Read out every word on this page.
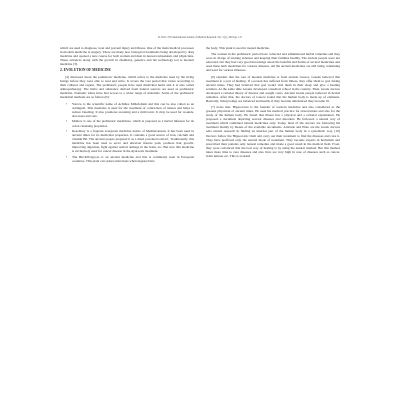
R. Devi / EU International Journal of Medical Research, Vol. 3 (1), 2019 pp. 1-8

which are used to diagnose, treat and prevent injury and illness. One of the main medical processes in modern medicine is surgery. There are many new biological treatments being developed by drug medicine and opened a new course for both women and men in nurses/companions and physicians. These advances along with the growth in chemistry, genetics and lab technology led to modern medicine [3].

2. EVOLUTION OF MEDICINE

[4] discussed about the prehistoric medicine, which refers to the medicine used by the living beings before they were able to read and write. It covers the vast period that varies according to their cultures and region. The prehistoric people have used medicinal herbs and it is also called arthropotherapy. The herbs and substance derived from natural sources are used as prehistoric medicine. Nomadic tribes have had access to a wider range of materials. Some of the prehistoric medicinal methods are as follows[5]:

• Yarrow is the scientific name of Achillea Millefolium and this can be also called as an astringent. This medicine is used for the treatment of contraction of tissues and helps to reduce bleeding. It also promotes sweating and a mild tonic. It may be used for wounds, abscesses and cuts.
• Mallow is one of the prehistoric medicines, which is prepared as a herbal infusion for its colon cleansing properties.
• Rosemary is a fragrant evergreen medicine native of Mediterranean. It has been used in ancient times for its medicinal properties. It contains a good source of iron, calcium and vitamin B6. The ancient people prepared it as a dried powdered extract. Traditionally, this medicine has been used to serve and alleviate muscle pain, promote hair growth, improving digestion, fight against radical damage in the brain, etc. But now this medicine is exclusively used for cancer disease in the Ayurveda treatment.
• The Birch/Polypore is an ancient medicine and this is commonly seen in European countries. This plant can reduce infections when ingested into

the body. This plant is used in treated medicine.

The women in the prehistoric period have collected and administered herbal remedies and they were in charge of treating sickness and keeping their families healthy. The ancient people were not educated, but they had very good knowledge about the benefits and harms of several medicines and used these herb medicines for various diseases. All the ancient medicines are still being continuing and used for various illnesses.

[6] explains that the root of modern medicine is from ancient Greece. Greeks believed that treatment is a part of healing. If a person has suffered from illness, they offer them to god during ancient times. They had believed that god would visit them in their sleep and give a healing solution. At the same time Greeks developed a medical school in the country. Then, Greek doctors developed a rational theory of disease and sought cures. Ancient Greek people believed in herbal remedies. After that, the doctors of Greece found that the human body is made up of elements. Basically, living beings are balanced and health, if they become unbalanced they become ill.

[7] notes that, Hippocrates is the founder of western medicine and also considered as the greatest physician of ancient times. He used his medical practice for observations and also for the study of the human body. He found that illness has a physical and a rational explanation. He proposed a document depicting several diseases and disorders. He followed a natural way of treatment which combined natural medicines only. Today, most of the doctors are following his treatment mainly by means of the available documents. Aristotle and Plato are the Greek doctors who started research in finding an internal part of the human body in a systematic way. [10] Doctors follow the Hippocratic Oath and carry out their treatment to find the diseases and cure it. They have proffered only the natural mode of treatment. They become experts in herbalism and prescribed their patients only natural remedies and made a good result in the medical field. Even, they were convinced that the best way of healing is by using the natural method. But this method takes more time to cure diseases and also lives are very high in case of diseases such as cancer, brain tumour etc. This is avoided
